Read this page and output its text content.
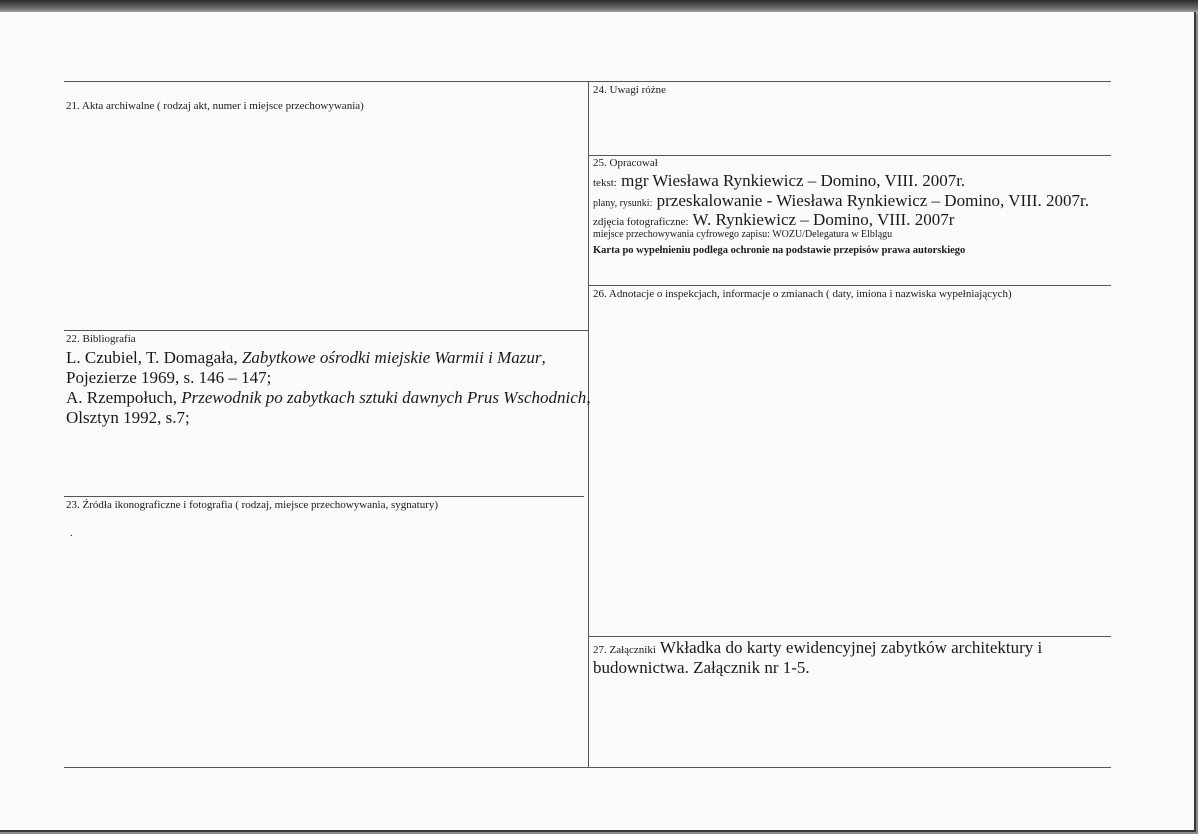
21. Akta archiwalne ( rodzaj akt, numer i miejsce przechowywania)
22. Bibliografia
L. Czubiel, T. Domagała, Zabytkowe ośrodki miejskie Warmii i Mazur,
Pojezierze 1969, s. 146 – 147;
A. Rzempołuch, Przewodnik po zabytkach sztuki dawnych Prus Wschodnich,
Olsztyn 1992, s.7;
23. Źródła ikonograficzne i fotografia ( rodzaj, miejsce przechowywania, sygnatury)
.
24. Uwagi różne
25. Opracował
tekst: mgr Wiesława Rynkiewicz – Domino, VIII. 2007r.
plany, rysunki: przeskalowanie - Wiesława Rynkiewicz – Domino, VIII. 2007r.
zdjęcia fotograficzne: W. Rynkiewicz – Domino, VIII. 2007r
miejsce przechowywania cyfrowego zapisu: WOZU/Delegatura w Elblągu
Karta po wypełnieniu podlega ochronie na podstawie przepisów prawa autorskiego
26. Adnotacje o inspekcjach, informacje o zmianach ( daty, imiona i nazwiska wypełniających)
27. Załączniki Wkładka do karty ewidencyjnej zabytków architektury i
budownictwa. Załącznik nr 1-5.
